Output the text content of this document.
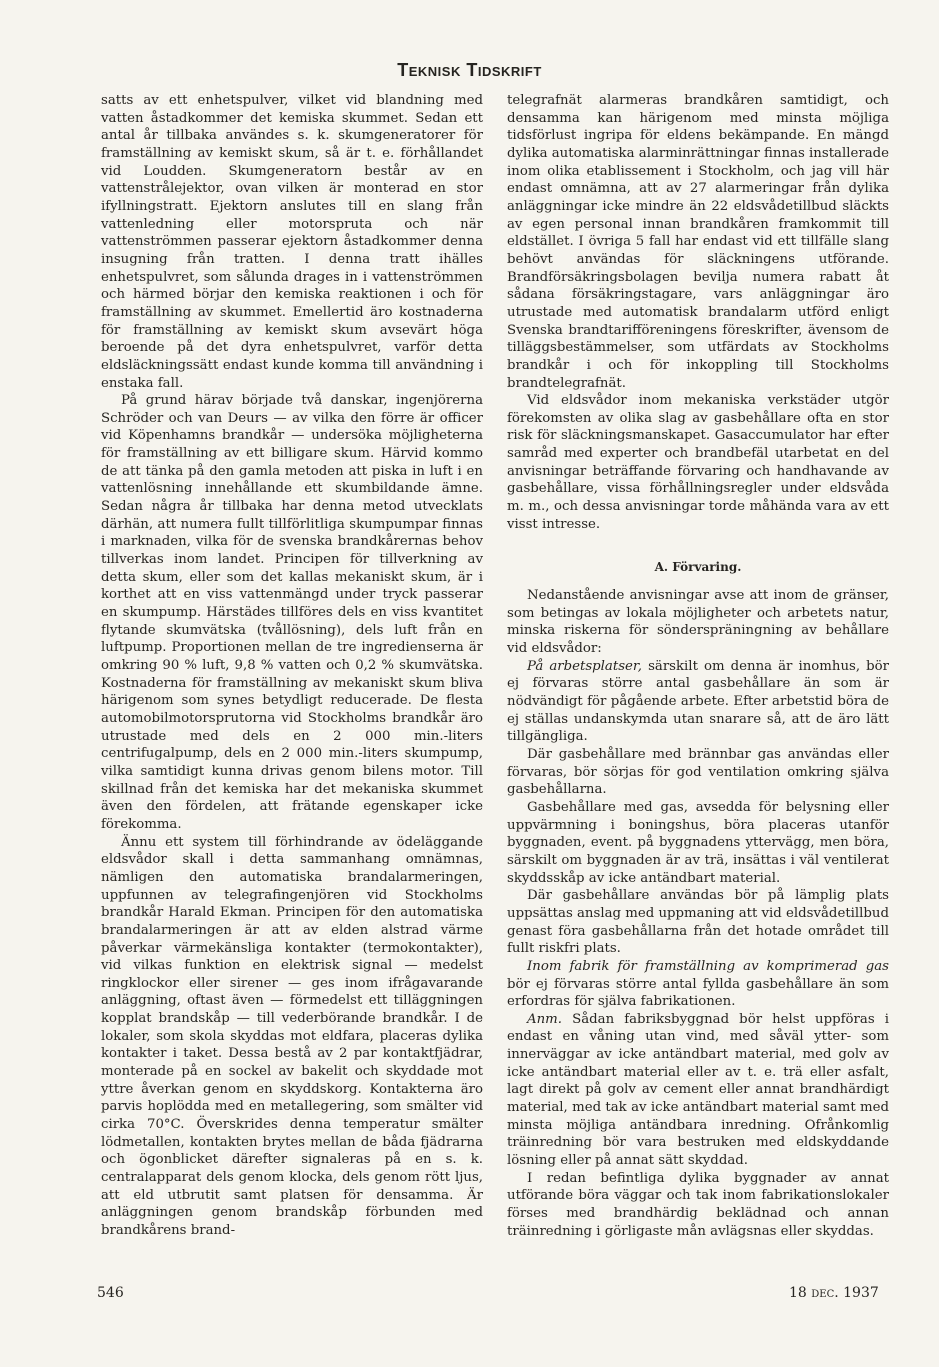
Teknisk Tidskrift

satts av ett enhetspulver, vilket vid blandning med vatten åstadkommer det kemiska skummet. Sedan ett antal år tillbaka användes s. k. skumgeneratorer för framställning av kemiskt skum, så är t. e. förhållandet vid Loudden. Skumgeneratorn består av en vattenstrålejektor, ovan vilken är monterad en stor ifyllningstratt. Ejektorn anslutes till en slang från vattenledning eller motorspruta och när vattenströmmen passerar ejektorn åstadkommer denna insugning från tratten. I denna tratt ihälles enhetspulvret, som sålunda drages in i vattenströmmen och härmed börjar den kemiska reaktionen i och för framställning av skummet. Emellertid äro kostnaderna för framställning av kemiskt skum avsevärt höga beroende på det dyra enhetspulvret, varför detta eldsläckningssätt endast kunde komma till användning i enstaka fall.

På grund härav började två danskar, ingenjörerna Schröder och van Deurs — av vilka den förre är officer vid Köpenhamns brandkår — undersöka möjligheterna för framställning av ett billigare skum. Härvid kommo de att tänka på den gamla metoden att piska in luft i en vattenlösning innehållande ett skumbildande ämne. Sedan några år tillbaka har denna metod utvecklats därhän, att numera fullt tillförlitliga skumpumpar finnas i marknaden, vilka för de svenska brandkårernas behov tillverkas inom landet. Principen för tillverkning av detta skum, eller som det kallas mekaniskt skum, är i korthet att en viss vattenmängd under tryck passerar en skumpump. Härstädes tillföres dels en viss kvantitet flytande skumvätska (tvållösning), dels luft från en luftpump. Proportionen mellan de tre ingredienserna är omkring 90 % luft, 9,8 % vatten och 0,2 % skumvätska. Kostnaderna för framställning av mekaniskt skum bliva härigenom som synes betydligt reducerade. De flesta automobilmotorsprutorna vid Stockholms brandkår äro utrustade med dels en 2 000 min.-liters centrifugalpump, dels en 2 000 min.-liters skumpump, vilka samtidigt kunna drivas genom bilens motor. Till skillnad från det kemiska har det mekaniska skummet även den fördelen, att frätande egenskaper icke förekomma.

Ännu ett system till förhindrande av ödeläggande eldsvådor skall i detta sammanhang omnämnas, nämligen den automatiska brandalarmeringen, uppfunnen av telegrafingenjören vid Stockholms brandkår Harald Ekman. Principen för den automatiska brandalarmeringen är att av elden alstrad värme påverkar värmekänsliga kontakter (termokontakter), vid vilkas funktion en elektrisk signal — medelst ringklockor eller sirener — ges inom ifrågavarande anläggning, oftast även — förmedelst ett tilläggningen kopplat brandskåp — till vederbörande brandkår. I de lokaler, som skola skyddas mot eldfara, placeras dylika kontakter i taket. Dessa bestå av 2 par kontaktfjädrar, monterade på en sockel av bakelit och skyddade mot yttre åverkan genom en skyddskorg. Kontakterna äro parvis hoplödda med en metallegering, som smälter vid cirka 70°C. Överskrides denna temperatur smälter lödmetallen, kontakten brytes mellan de båda fjädrarna och ögonblicket därefter signaleras på en s. k. centralapparat dels genom klocka, dels genom rött ljus, att eld utbrutit samt platsen för densamma. Är anläggningen genom brandskåp förbunden med brandkårens brand-

telegrafnät alarmeras brandkåren samtidigt, och densamma kan härigenom med minsta möjliga tidsförlust ingripa för eldens bekämpande. En mängd dylika automatiska alarminrättningar finnas installerade inom olika etablissement i Stockholm, och jag vill här endast omnämna, att av 27 alarmeringar från dylika anläggningar icke mindre än 22 eldsvådetillbud släckts av egen personal innan brandkåren framkommit till eldstället. I övriga 5 fall har endast vid ett tillfälle slang behövt användas för släckningens utförande. Brandförsäkringsbolagen bevilja numera rabatt åt sådana försäkringstagare, vars anläggningar äro utrustade med automatisk brandalarm utförd enligt Svenska brandtarifföreningens föreskrifter, ävensom de tilläggsbestämmelser, som utfärdats av Stockholms brandkår i och för inkoppling till Stockholms brandtelegrafnät.

Vid eldsvådor inom mekaniska verkstäder utgör förekomsten av olika slag av gasbehållare ofta en stor risk för släckningsmanskapet. Gasaccumulator har efter samråd med experter och brandbefäl utarbetat en del anvisningar beträffande förvaring och handhavande av gasbehållare, vissa förhållningsregler under eldsvåda m. m., och dessa anvisningar torde måhända vara av ett visst intresse.

A. Förvaring.

Nedanstående anvisningar avse att inom de gränser, som betingas av lokala möjligheter och arbetets natur, minska riskerna för sönderspräningning av behållare vid eldsvådor:

På arbetsplatser, särskilt om denna är inomhus, bör ej förvaras större antal gasbehållare än som är nödvändigt för pågående arbete. Efter arbetstid böra de ej ställas undanskymda utan snarare så, att de äro lätt tillgängliga.

Där gasbehållare med brännbar gas användas eller förvaras, bör sörjas för god ventilation omkring själva gasbehållarna.

Gasbehållare med gas, avsedda för belysning eller uppvärmning i boningshus, böra placeras utanför byggnaden, event. på byggnadens yttervägg, men böra, särskilt om byggnaden är av trä, insättas i väl ventilerat skyddsskåp av icke antändbart material.

Där gasbehållare användas bör på lämplig plats uppsättas anslag med uppmaning att vid eldsvådetillbud genast föra gasbehållarna från det hotade området till fullt riskfri plats.

Inom fabrik för framställning av komprimerad gas bör ej förvaras större antal fyllda gasbehållare än som erfordras för själva fabrikationen.

Anm. Sådan fabriksbyggnad bör helst uppföras i endast en våning utan vind, med såväl ytter- som innerväggar av icke antändbart material, med golv av icke antändbart material eller av t. e. trä eller asfalt, lagt direkt på golv av cement eller annat brandhärdigt material, med tak av icke antändbart material samt med minsta möjliga antändbara inredning. Ofrånkomlig träinredning bör vara bestruken med eldskyddande lösning eller på annat sätt skyddad.

I redan befintliga dylika byggnader av annat utförande böra väggar och tak inom fabrikationslokaler förses med brandhärdig beklädnad och annan träinredning i görligaste mån avlägsnas eller skyddas.

546	18 dec. 1937
